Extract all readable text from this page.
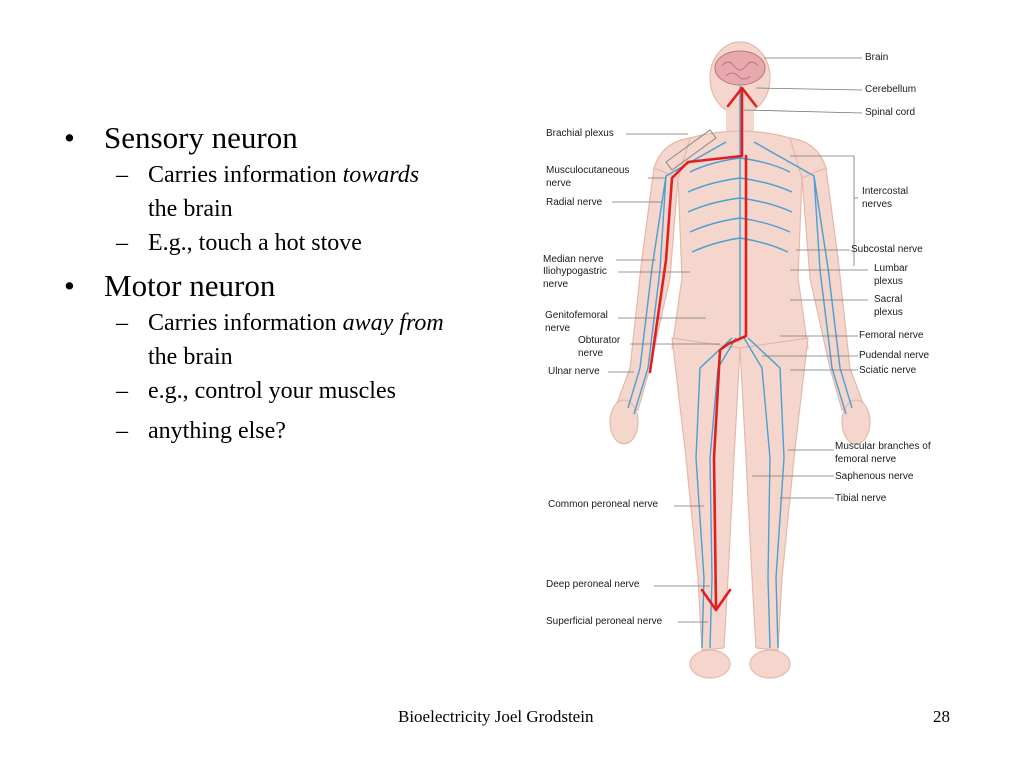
• Sensory neuron
– Carries information towards
the brain
– E.g., touch a hot stove
• Motor neuron
– Carries information away from
the brain
– e.g., control your muscles
– anything else?
Brain
Cerebellum
Spinal cord
Intercostal nerves
Subcostal nerve
Lumbar plexus
Sacral plexus
Femoral nerve
Pudendal nerve
Sciatic nerve
Muscular branches of femoral nerve
Saphenous nerve
Tibial nerve
Brachial plexus
Musculocutaneous nerve
Radial nerve
Median nerve
Iliohypogastric nerve
Genitofemoral nerve
Obturator nerve
Ulnar nerve
Common peroneal nerve
Deep peroneal nerve
Superficial peroneal nerve
Bioelectricity Joel Grodstein	28
